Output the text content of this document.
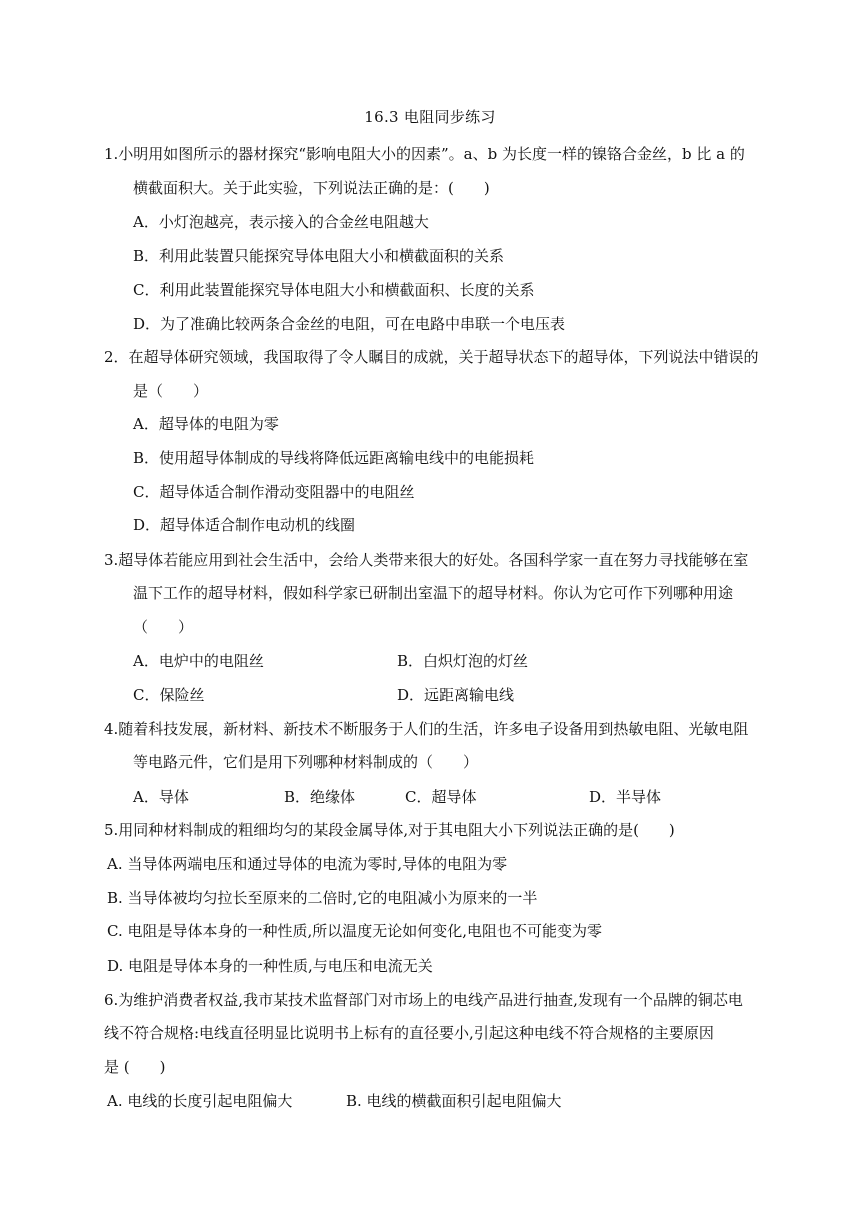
16.3 电阻同步练习
1.小明用如图所示的器材探究“影响电阻大小的因素”。a、b 为长度一样的镍铬合金丝，b 比 a 的
横截面积大。关于此实验，下列说法正确的是：(　　)
A．小灯泡越亮，表示接入的合金丝电阻越大
B．利用此装置只能探究导体电阻大小和横截面积的关系
C．利用此装置能探究导体电阻大小和横截面积、长度的关系
D．为了准确比较两条合金丝的电阻，可在电路中串联一个电压表
2．在超导体研究领域，我国取得了令人瞩目的成就，关于超导状态下的超导体，下列说法中错误的
是（　　）
A．超导体的电阻为零
B．使用超导体制成的导线将降低远距离输电线中的电能损耗
C．超导体适合制作滑动变阻器中的电阻丝
D．超导体适合制作电动机的线圈
3.超导体若能应用到社会生活中，会给人类带来很大的好处。各国科学家一直在努力寻找能够在室
温下工作的超导材料，假如科学家已研制出室温下的超导材料。你认为它可作下列哪种用途
（　　）
A．电炉中的电阻丝	B．白炽灯泡的灯丝
C．保险丝	D．远距离输电线
4.随着科技发展，新材料、新技术不断服务于人们的生活，许多电子设备用到热敏电阻、光敏电阻
等电路元件，它们是用下列哪种材料制成的（　　）
A．导体	B．绝缘体	C．超导体	D．半导体
5.用同种材料制成的粗细均匀的某段金属导体,对于其电阻大小下列说法正确的是(　　)
A. 当导体两端电压和通过导体的电流为零时,导体的电阻为零
B. 当导体被均匀拉长至原来的二倍时,它的电阻减小为原来的一半
C. 电阻是导体本身的一种性质,所以温度无论如何变化,电阻也不可能变为零
D. 电阻是导体本身的一种性质,与电压和电流无关
6.为维护消费者权益,我市某技术监督部门对市场上的电线产品进行抽查,发现有一个品牌的铜芯电
线不符合规格:电线直径明显比说明书上标有的直径要小,引起这种电线不符合规格的主要原因
是 (　　)
A. 电线的长度引起电阻偏大	B. 电线的横截面积引起电阻偏大
